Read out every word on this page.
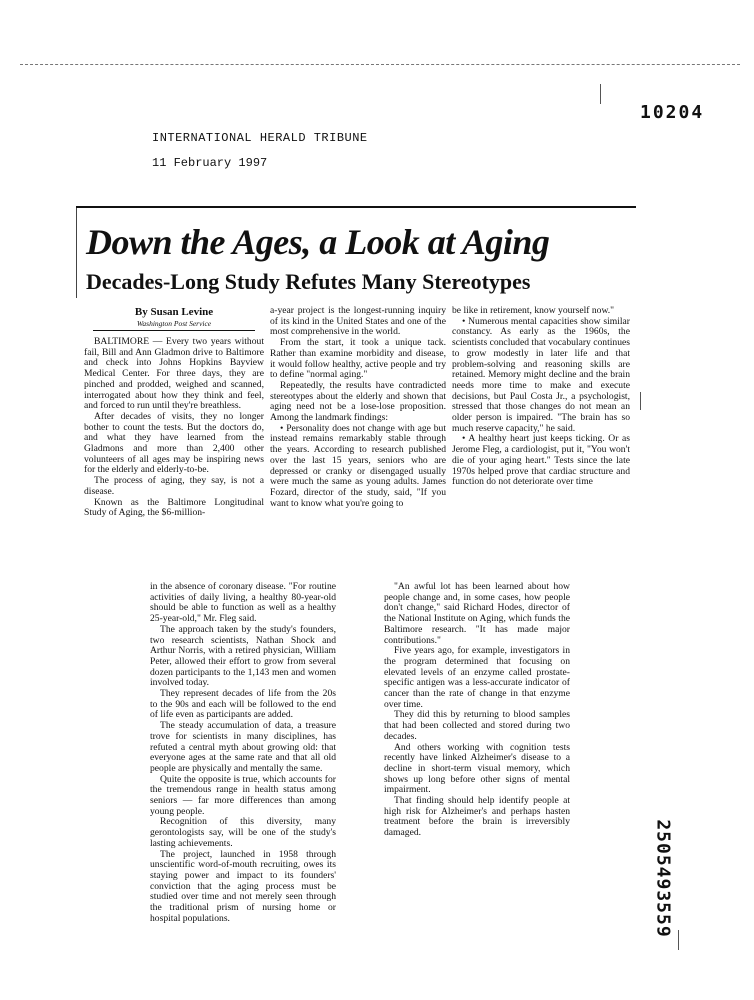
10204
INTERNATIONAL HERALD TRIBUNE
11 February 1997
Down the Ages, a Look at Aging
Decades-Long Study Refutes Many Stereotypes
By Susan Levine
Washington Post Service

BALTIMORE — Every two years without fail, Bill and Ann Gladmon drive to Baltimore and check into Johns Hopkins Bayview Medical Center. For three days, they are pinched and prodded, weighed and scanned, interrogated about how they think and feel, and forced to run until they're breathless.

After decades of visits, they no longer bother to count the tests. But the doctors do, and what they have learned from the Gladmons and more than 2,400 other volunteers of all ages may be inspiring news for the elderly and elderly-to-be.

The process of aging, they say, is not a disease.

Known as the Baltimore Longitudinal Study of Aging, the $6-million-

a-year project is the longest-running inquiry of its kind in the United States and one of the most comprehensive in the world.

From the start, it took a unique tack. Rather than examine morbidity and disease, it would follow healthy, active people and try to define "normal aging."

Repeatedly, the results have contradicted stereotypes about the elderly and shown that aging need not be a lose-lose proposition. Among the landmark findings:

• Personality does not change with age but instead remains remarkably stable through the years. According to research published over the last 15 years, seniors who are depressed or cranky or disengaged usually were much the same as young adults. James Fozard, director of the study, said, "If you want to know what you're going to

be like in retirement, know yourself now."

• Numerous mental capacities show similar constancy. As early as the 1960s, the scientists concluded that vocabulary continues to grow modestly in later life and that problem-solving and reasoning skills are retained. Memory might decline and the brain needs more time to make and execute decisions, but Paul Costa Jr., a psychologist, stressed that those changes do not mean an older person is impaired. "The brain has so much reserve capacity," he said.

• A healthy heart just keeps ticking. Or as Jerome Fleg, a cardiologist, put it, "You won't die of your aging heart." Tests since the late 1970s helped prove that cardiac structure and function do not deteriorate over time

in the absence of coronary disease. "For routine activities of daily living, a healthy 80-year-old should be able to function as well as a healthy 25-year-old," Mr. Fleg said.

The approach taken by the study's founders, two research scientists, Nathan Shock and Arthur Norris, with a retired physician, William Peter, allowed their effort to grow from several dozen participants to the 1,143 men and women involved today.

They represent decades of life from the 20s to the 90s and each will be followed to the end of life even as participants are added.

The steady accumulation of data, a treasure trove for scientists in many disciplines, has refuted a central myth about growing old: that everyone ages at the same rate and that all old people are physically and mentally the same.

Quite the opposite is true, which accounts for the tremendous range in health status among seniors — far more differences than among young people.

Recognition of this diversity, many gerontologists say, will be one of the study's lasting achievements.

The project, launched in 1958 through unscientific word-of-mouth recruiting, owes its staying power and impact to its founders' conviction that the aging process must be studied over time and not merely seen through the traditional prism of nursing home or hospital populations.

"An awful lot has been learned about how people change and, in some cases, how people don't change," said Richard Hodes, director of the National Institute on Aging, which funds the Baltimore research. "It has made major contributions."

Five years ago, for example, investigators in the program determined that focusing on elevated levels of an enzyme called prostate-specific antigen was a less-accurate indicator of cancer than the rate of change in that enzyme over time.

They did this by returning to blood samples that had been collected and stored during two decades.

And others working with cognition tests recently have linked Alzheimer's disease to a decline in short-term visual memory, which shows up long before other signs of mental impairment.

That finding should help identify people at high risk for Alzheimer's and perhaps hasten treatment before the brain is irreversibly damaged.	2505493559
